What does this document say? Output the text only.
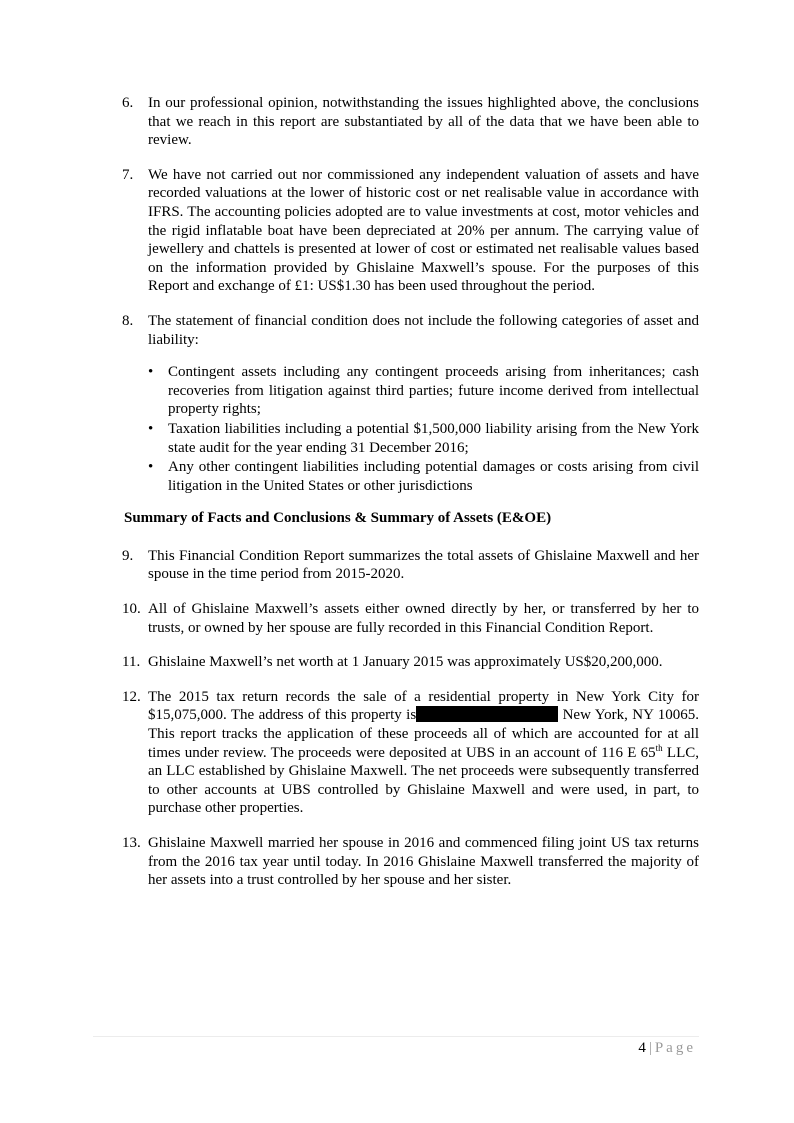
6. In our professional opinion, notwithstanding the issues highlighted above, the conclusions that we reach in this report are substantiated by all of the data that we have been able to review.
7. We have not carried out nor commissioned any independent valuation of assets and have recorded valuations at the lower of historic cost or net realisable value in accordance with IFRS. The accounting policies adopted are to value investments at cost, motor vehicles and the rigid inflatable boat have been depreciated at 20% per annum. The carrying value of jewellery and chattels is presented at lower of cost or estimated net realisable values based on the information provided by Ghislaine Maxwell’s spouse. For the purposes of this Report and exchange of £1: US$1.30 has been used throughout the period.
8. The statement of financial condition does not include the following categories of asset and liability:
• Contingent assets including any contingent proceeds arising from inheritances; cash recoveries from litigation against third parties; future income derived from intellectual property rights;
• Taxation liabilities including a potential $1,500,000 liability arising from the New York state audit for the year ending 31 December 2016;
• Any other contingent liabilities including potential damages or costs arising from civil litigation in the United States or other jurisdictions
Summary of Facts and Conclusions & Summary of Assets (E&OE)
9. This Financial Condition Report summarizes the total assets of Ghislaine Maxwell and her spouse in the time period from 2015-2020.
10. All of Ghislaine Maxwell’s assets either owned directly by her, or transferred by her to trusts, or owned by her spouse are fully recorded in this Financial Condition Report.
11. Ghislaine Maxwell’s net worth at 1 January 2015 was approximately US$20,200,000.
12. The 2015 tax return records the sale of a residential property in New York City for $15,075,000. The address of this property is	New York, NY 10065. This report tracks the application of these proceeds all of which are accounted for at all times under review. The proceeds were deposited at UBS in an account of 116 E 65th LLC, an LLC established by Ghislaine Maxwell. The net proceeds were subsequently transferred to other accounts at UBS controlled by Ghislaine Maxwell and were used, in part, to purchase other properties.
13. Ghislaine Maxwell married her spouse in 2016 and commenced filing joint US tax returns from the 2016 tax year until today. In 2016 Ghislaine Maxwell transferred the majority of her assets into a trust controlled by her spouse and her sister.
4 | Page
